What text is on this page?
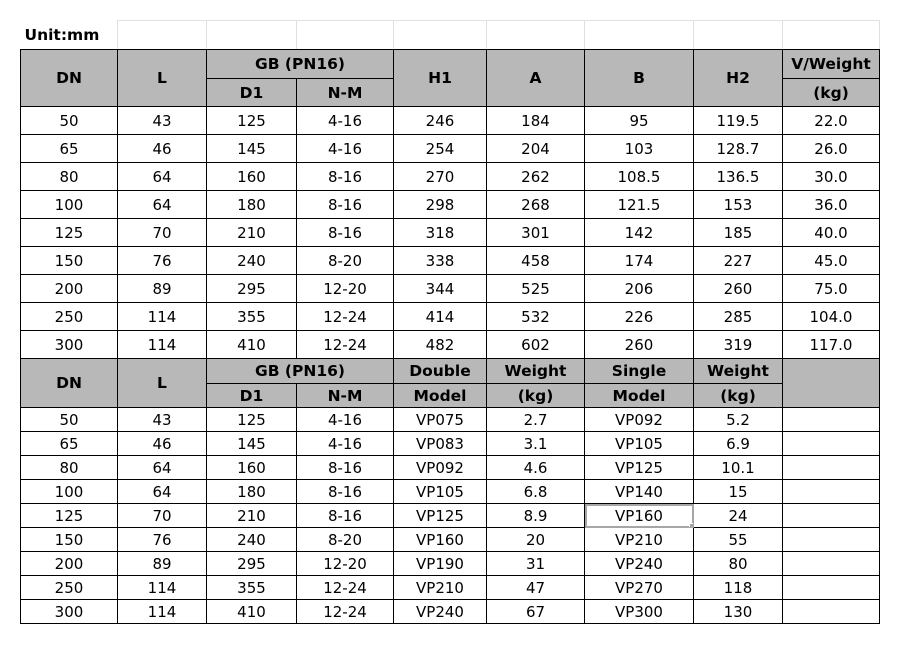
Unit:mm								
DN	L	GB (PN16)		H1	A	B	H2	V/Weight
		D1	N-M					(kg)
50	43	125	4-16	246	184	95	119.5	22.0
65	46	145	4-16	254	204	103	128.7	26.0
80	64	160	8-16	270	262	108.5	136.5	30.0
100	64	180	8-16	298	268	121.5	153	36.0
125	70	210	8-16	318	301	142	185	40.0
150	76	240	8-20	338	458	174	227	45.0
200	89	295	12-20	344	525	206	260	75.0
250	114	355	12-24	414	532	226	285	104.0
300	114	410	12-24	482	602	260	319	117.0
DN	L	GB (PN16)		Double	Weight	Single	Weight	
		D1	N-M	Model	(kg)	Model	(kg)	
50	43	125	4-16	VP075	2.7	VP092	5.2	
65	46	145	4-16	VP083	3.1	VP105	6.9	
80	64	160	8-16	VP092	4.6	VP125	10.1	
100	64	180	8-16	VP105	6.8	VP140	15	
125	70	210	8-16	VP125	8.9	VP160	24	
150	76	240	8-20	VP160	20	VP210	55	
200	89	295	12-20	VP190	31	VP240	80	
250	114	355	12-24	VP210	47	VP270	118	
300	114	410	12-24	VP240	67	VP300	130	
